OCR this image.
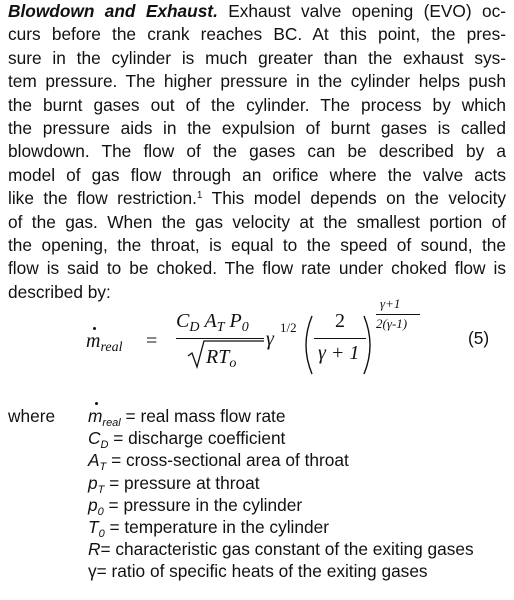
Blowdown and Exhaust. Exhaust valve opening (EVO) oc-
curs before the crank reaches BC. At this point, the pres-
sure in the cylinder is much greater than the exhaust sys-
tem pressure. The higher pressure in the cylinder helps push
the burnt gases out of the cylinder. The process by which
the pressure aids in the expulsion of burnt gases is called
blowdown. The flow of the gases can be described by a
model of gas flow through an orifice where the valve acts
like the flow restriction.$^1$ This model depends on the velocity
of the gas. When the gas velocity at the smallest portion of
the opening, the throat, is equal to the speed of sound, the
flow is said to be choked. The flow rate under choked flow is
described by:
$m_{real}$ =
$C_D$ $A_T$ $P_0$
$RT_o$
γ
1/2 2
γ + 1
γ+1
2(γ-1)
(5)
where $m_{real}$ = real mass flow rate
$C_D$ = discharge coefficient
$A_T$ = cross-sectional area of throat
$p_T$ = pressure at throat
$p_0$ = pressure in the cylinder
$T_0$ = temperature in the cylinder
R= characteristic gas constant of the exiting gases
γ= ratio of specific heats of the exiting gases
